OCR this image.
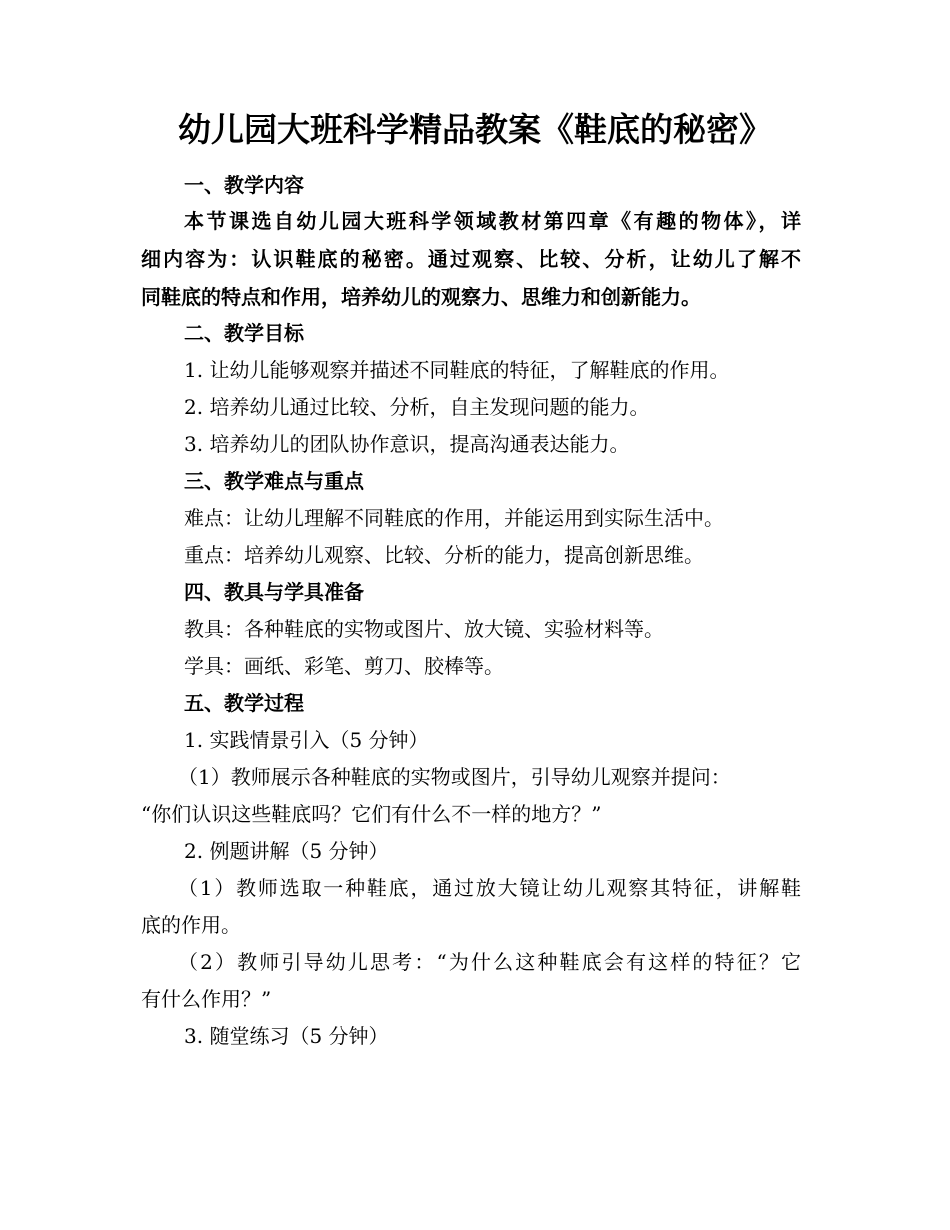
幼儿园大班科学精品教案《鞋底的秘密》
一、教学内容
本节课选自幼儿园大班科学领域教材第四章《有趣的物体》，详
细内容为：认识鞋底的秘密。通过观察、比较、分析，让幼儿了解不
同鞋底的特点和作用，培养幼儿的观察力、思维力和创新能力。
二、教学目标
1. 让幼儿能够观察并描述不同鞋底的特征，了解鞋底的作用。
2. 培养幼儿通过比较、分析，自主发现问题的能力。
3. 培养幼儿的团队协作意识，提高沟通表达能力。
三、教学难点与重点
难点：让幼儿理解不同鞋底的作用，并能运用到实际生活中。
重点：培养幼儿观察、比较、分析的能力，提高创新思维。
四、教具与学具准备
教具：各种鞋底的实物或图片、放大镜、实验材料等。
学具：画纸、彩笔、剪刀、胶棒等。
五、教学过程
1. 实践情景引入（5 分钟）
（1）教师展示各种鞋底的实物或图片，引导幼儿观察并提问：
“你们认识这些鞋底吗？它们有什么不一样的地方？”
2. 例题讲解（5 分钟）
（1）教师选取一种鞋底，通过放大镜让幼儿观察其特征，讲解鞋
底的作用。
（2）教师引导幼儿思考：“为什么这种鞋底会有这样的特征？它
有什么作用？”
3. 随堂练习（5 分钟）
